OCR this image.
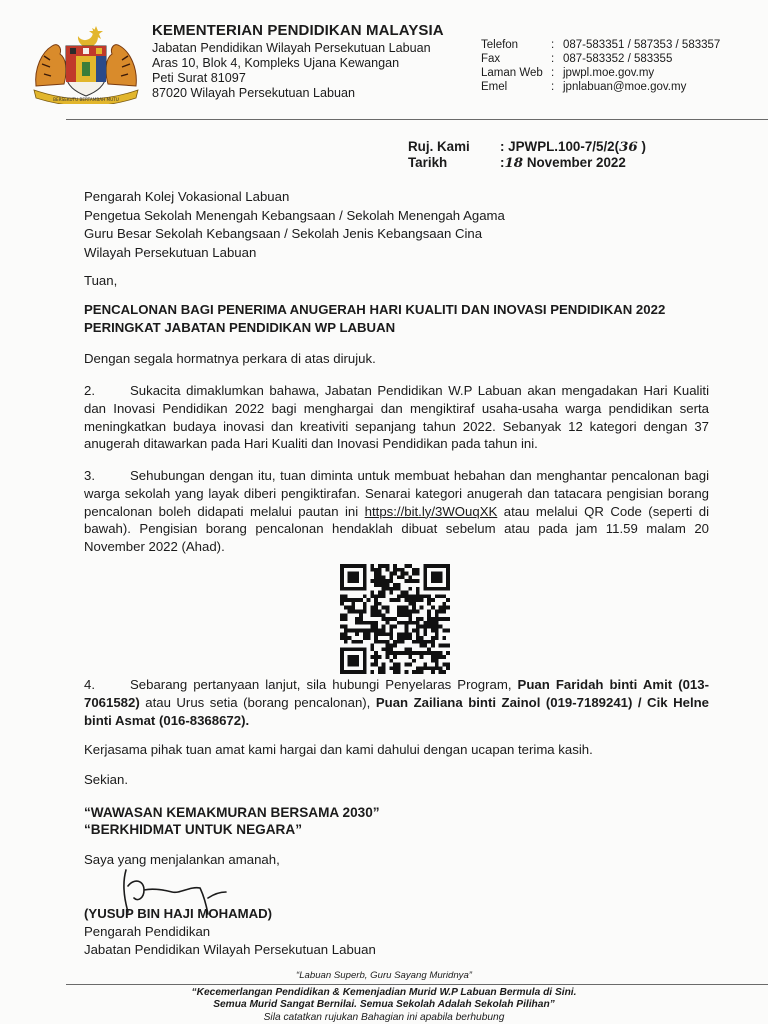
BERSEKUTU BERTAMBAH MUTU
KEMENTERIAN PENDIDIKAN MALAYSIA
Jabatan Pendidikan Wilayah Persekutuan Labuan
Aras 10, Blok 4, Kompleks Ujana Kewangan
Peti Surat 81097
87020 Wilayah Persekutuan Labuan
Telefon	: 087-583351 / 587353 / 583357
Fax	: 087-583352 / 583355
Laman Web : jpwpl.moe.gov.my
Emel	: jpnlabuan@moe.gov.my
Ruj. Kami	: JPWPL.100-7/5/2(36 )
Tarikh	:18 November 2022
Pengarah Kolej Vokasional Labuan
Pengetua Sekolah Menengah Kebangsaan / Sekolah Menengah Agama
Guru Besar Sekolah Kebangsaan / Sekolah Jenis Kebangsaan Cina
Wilayah Persekutuan Labuan
Tuan,
PENCALONAN BAGI PENERIMA ANUGERAH HARI KUALITI DAN INOVASI PENDIDIKAN 2022
PERINGKAT JABATAN PENDIDIKAN WP LABUAN
Dengan segala hormatnya perkara di atas dirujuk.
2.	Sukacita dimaklumkan bahawa, Jabatan Pendidikan W.P Labuan akan mengadakan Hari Kualiti dan Inovasi Pendidikan 2022 bagi menghargai dan mengiktiraf usaha-usaha warga pendidikan serta meningkatkan budaya inovasi dan kreativiti sepanjang tahun 2022. Sebanyak 12 kategori dengan 37 anugerah ditawarkan pada Hari Kualiti dan Inovasi Pendidikan pada tahun ini.
3.	Sehubungan dengan itu, tuan diminta untuk membuat hebahan dan menghantar pencalonan bagi warga sekolah yang layak diberi pengiktirafan. Senarai kategori anugerah dan tatacara pengisian borang pencalonan boleh didapati melalui pautan ini https://bit.ly/3WOuqXK atau melalui QR Code (seperti di bawah). Pengisian borang pencalonan hendaklah dibuat sebelum atau pada jam 11.59 malam 20 November 2022 (Ahad).
4.	Sebarang pertanyaan lanjut, sila hubungi Penyelaras Program, Puan Faridah binti Amit (013-7061582) atau Urus setia (borang pencalonan), Puan Zailiana binti Zainol (019-7189241) / Cik Helne binti Asmat (016-8368672).
Kerjasama pihak tuan amat kami hargai dan kami dahului dengan ucapan terima kasih.
Sekian.
“WAWASAN KEMAKMURAN BERSAMA 2030”
“BERKHIDMAT UNTUK NEGARA”
Saya yang menjalankan amanah,
(YUSUP BIN HAJI MOHAMAD)
Pengarah Pendidikan
Jabatan Pendidikan Wilayah Persekutuan Labuan
“Labuan Superb, Guru Sayang Muridnya”
“Kecemerlangan Pendidikan & Kemenjadian Murid W.P Labuan Bermula di Sini.
Semua Murid Sangat Bernilai. Semua Sekolah Adalah Sekolah Pilihan”
Sila catatkan rujukan Bahagian ini apabila berhubung
